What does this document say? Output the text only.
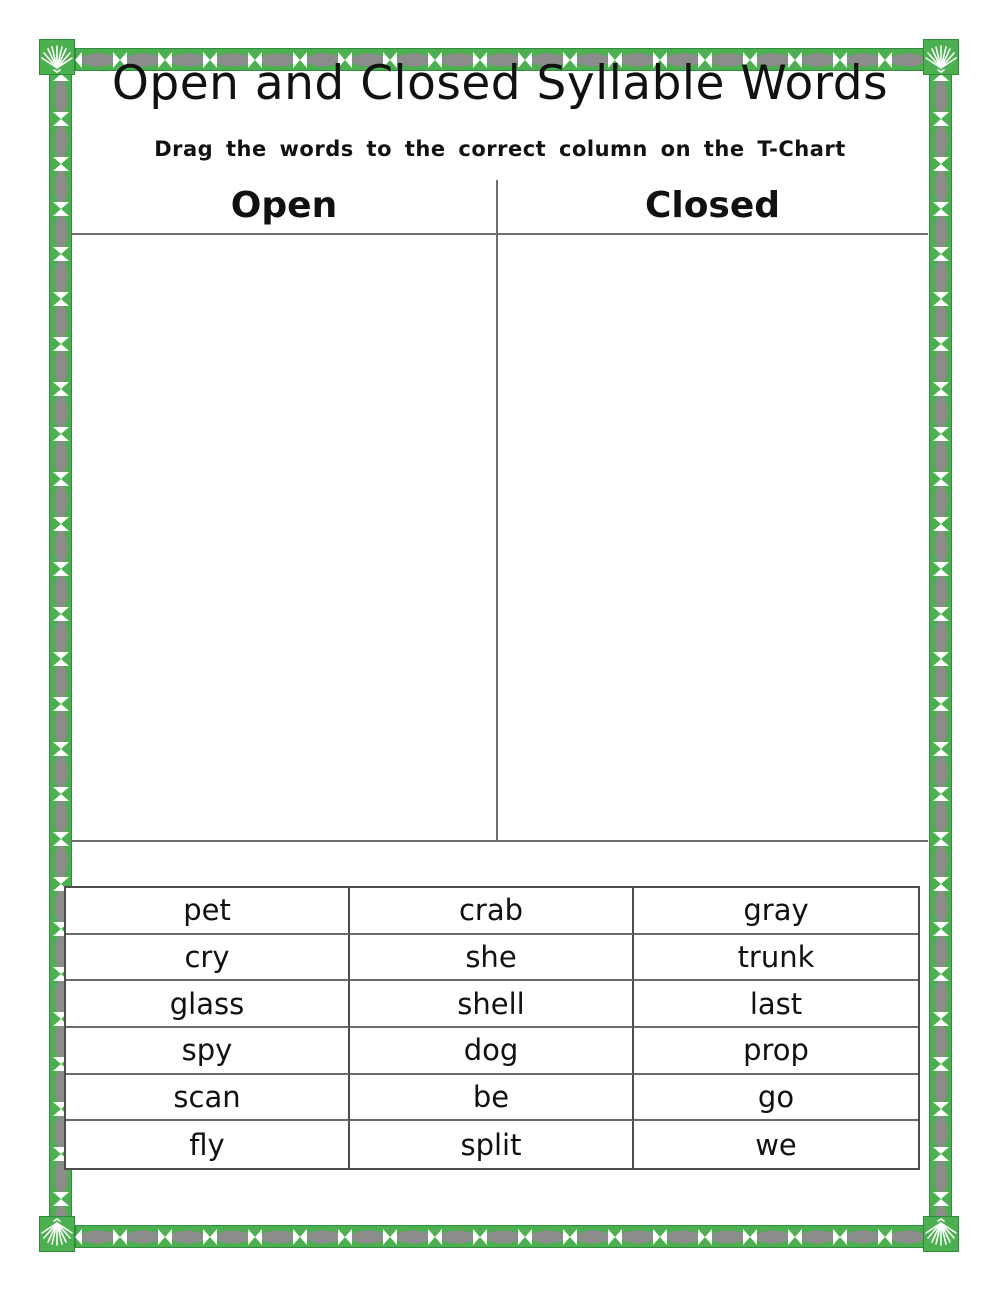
Open and Closed Syllable Words
Drag the words to the correct column on the T-Chart
Open	Closed
pet	crab	gray
cry	she	trunk
glass	shell	last
spy	dog	prop
scan	be	go
fly	split	we
